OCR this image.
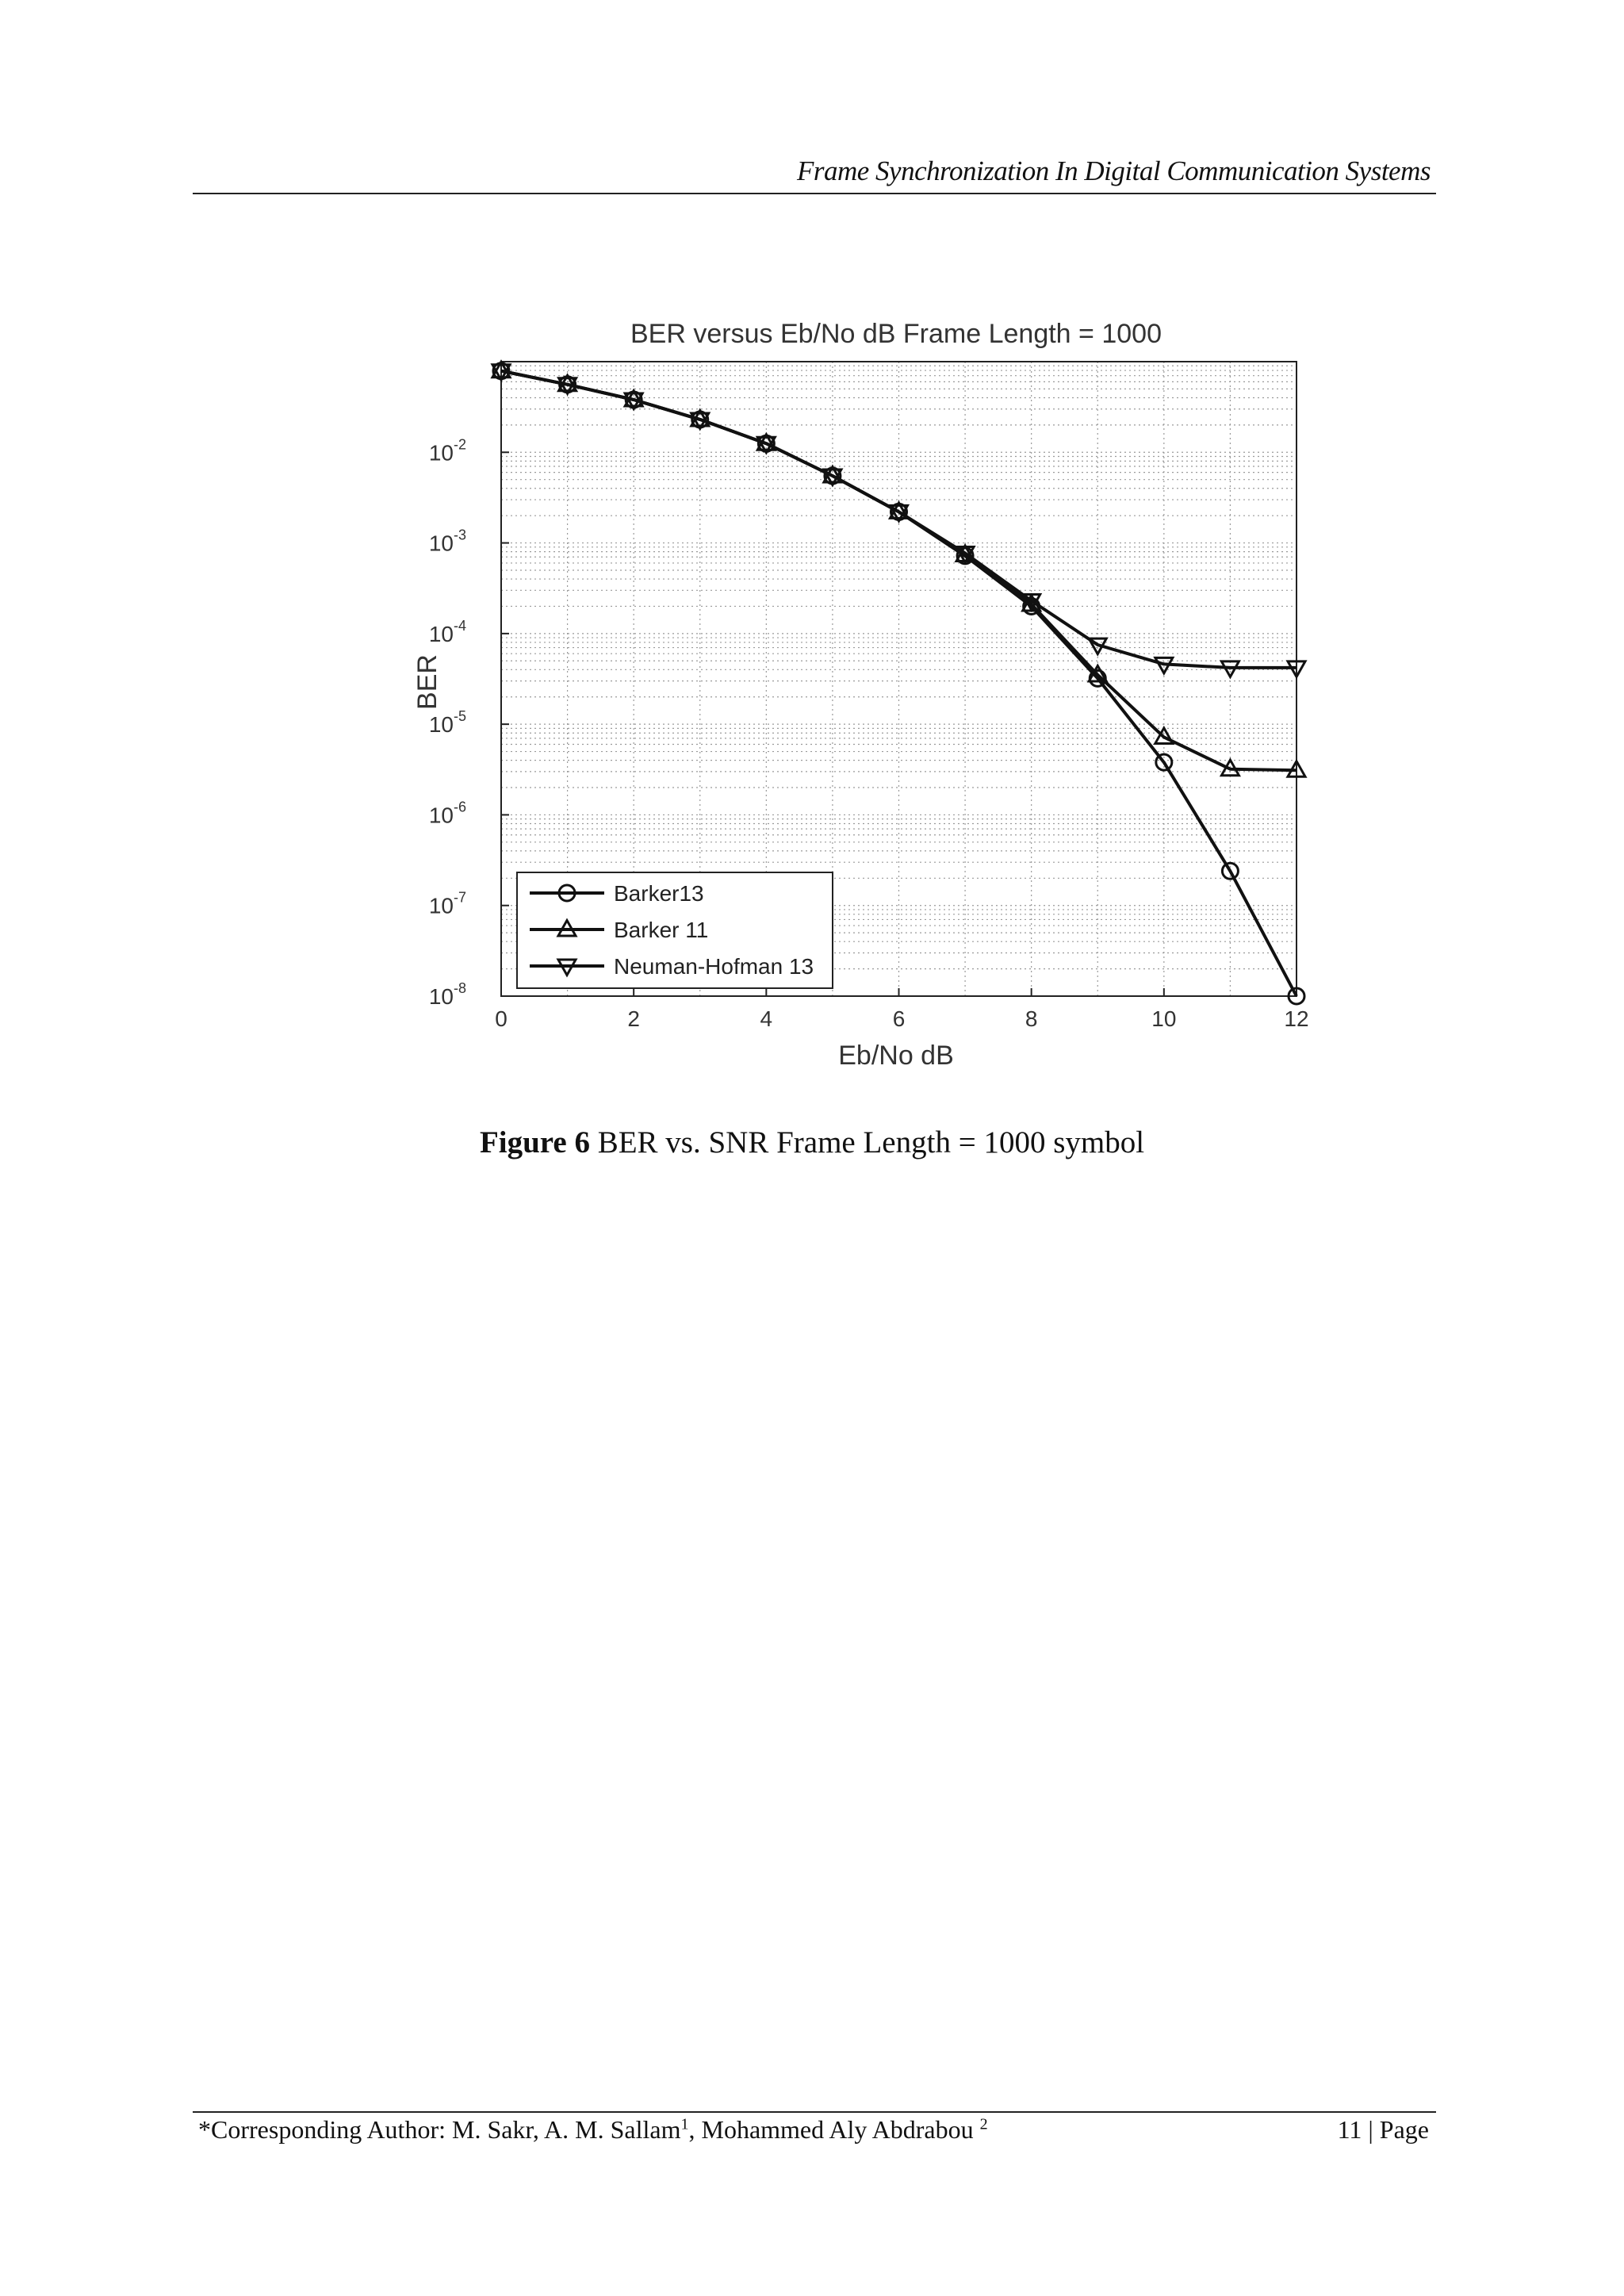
Frame Synchronization In Digital Communication Systems
BER versus Eb/No dB Frame Length = 1000
0	2	4	6	8	10	12
$10^{-2}$
$10^{-3}$
$10^{-4}$
$10^{-5}$
$10^{-6}$
$10^{-7}$
$10^{-8}$
Eb/No dB
BER
Barker13
Barker 11
Neuman-Hofman 13
Figure 6 BER vs. SNR Frame Length = 1000 symbol
*Corresponding Author: M. Sakr, A. M. Sallam$^1$, Mohammed Aly Abdrabou $^2$	11 | Page
